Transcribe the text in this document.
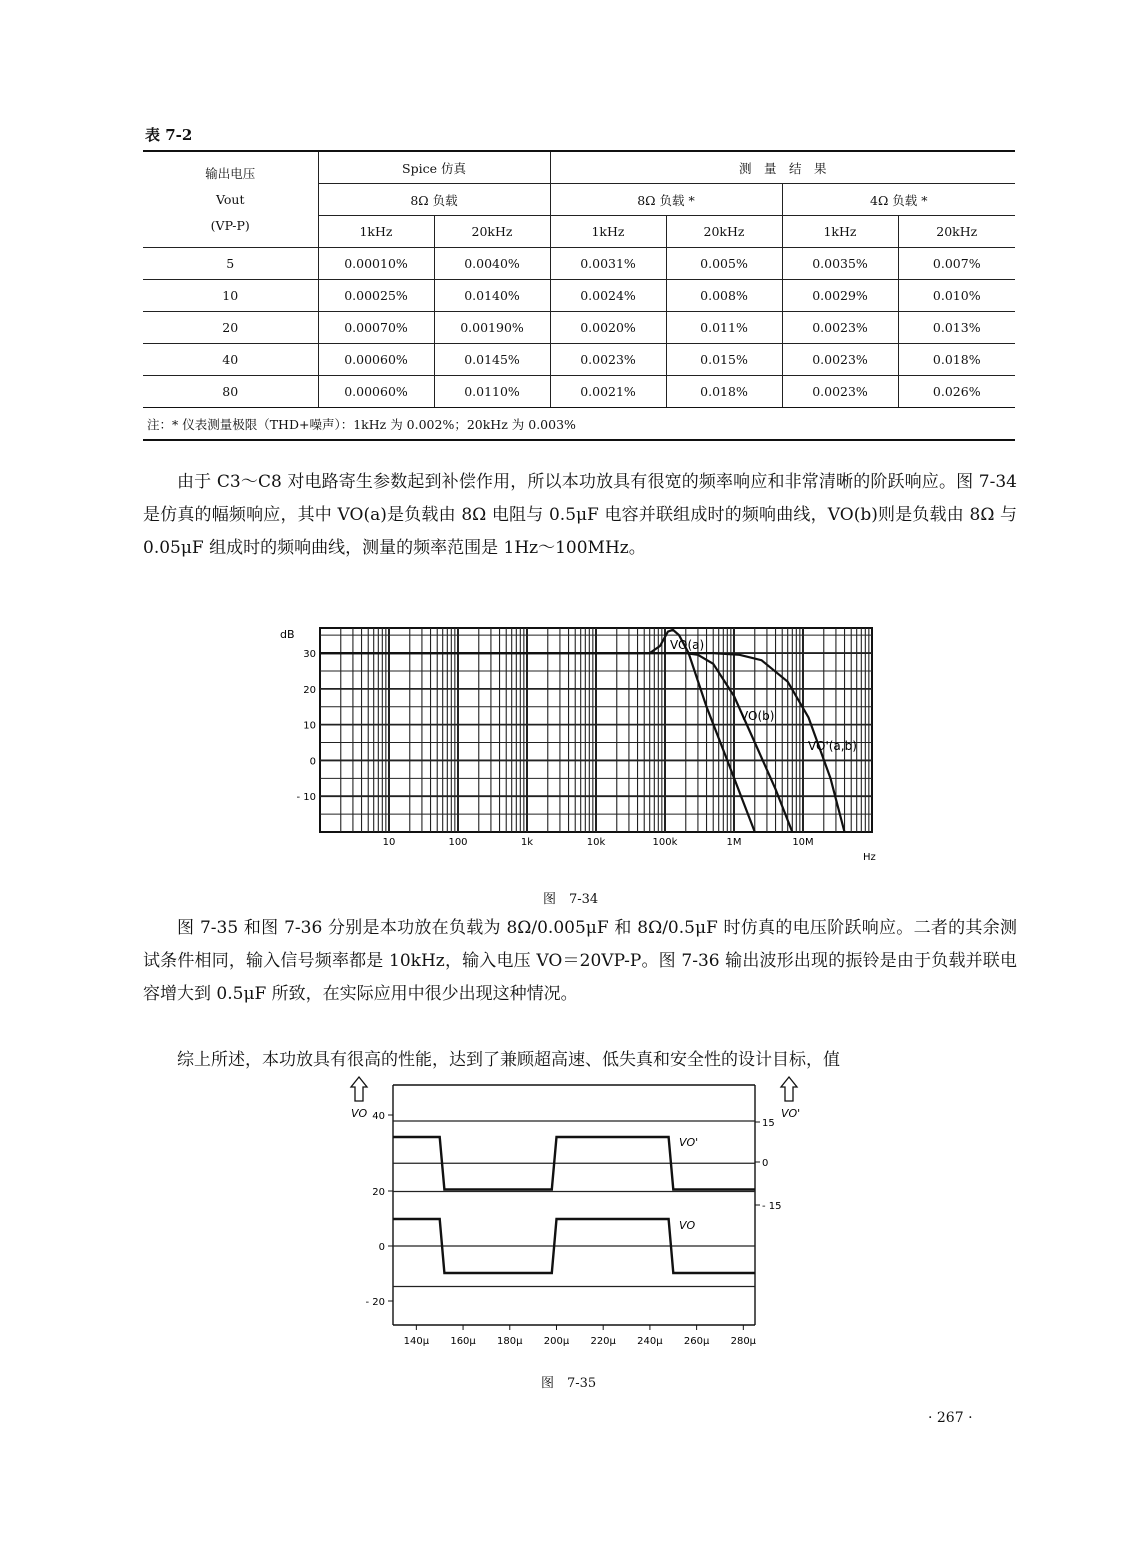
表 7-2
输出电压
Vout
(VP-P)	Spice 仿真		测　量　结　果			
	8Ω 负载		8Ω 负载 *		4Ω 负载 *	
	1kHz	20kHz	1kHz	20kHz	1kHz	20kHz
5	0.00010%	0.0040%	0.0031%	0.005%	0.0035%	0.007%
10	0.00025%	0.0140%	0.0024%	0.008%	0.0029%	0.010%
20	0.00070%	0.00190%	0.0020%	0.011%	0.0023%	0.013%
40	0.00060%	0.0145%	0.0023%	0.015%	0.0023%	0.018%
80	0.00060%	0.0110%	0.0021%	0.018%	0.0023%	0.026%
注：* 仪表测量极限（THD+噪声）：1kHz 为 0.002%；20kHz 为 0.003%						

由于 C3～C8 对电路寄生参数起到补偿作用，所以本功放具有很宽的频率响应和非常清晰的阶跃响应。图 7-34 是仿真的幅频响应，其中 VO(a)是负载由 8Ω 电阻与 0.5μF 电容并联组成时的频响曲线，VO(b)则是负载由 8Ω 与 0.05μF 组成时的频响曲线，测量的频率范围是 1Hz～100MHz。

10	100	1k	10k	100k	1M	10M
30
20
10
0
- 10
dB
Hz
VO(a)
VO(b)
VO'(a,b)
图　7-34

图 7-35 和图 7-36 分别是本功放在负载为 8Ω/0.005μF 和 8Ω/0.5μF 时仿真的电压阶跃响应。二者的其余测试条件相同，输入信号频率都是 10kHz，输入电压 VO＝20VP-P。图 7-36 输出波形出现的振铃是由于负载并联电容增大到 0.5μF 所致，在实际应用中很少出现这种情况。

综上所述，本功放具有很高的性能，达到了兼顾超高速、低失真和安全性的设计目标，值

40
20
0
- 20
15
0
- 15
140μ 160μ 180μ 200μ 220μ 240μ 260μ 280μ
VO	VO'
VO'
VO
图　7-35
· 267 ·
